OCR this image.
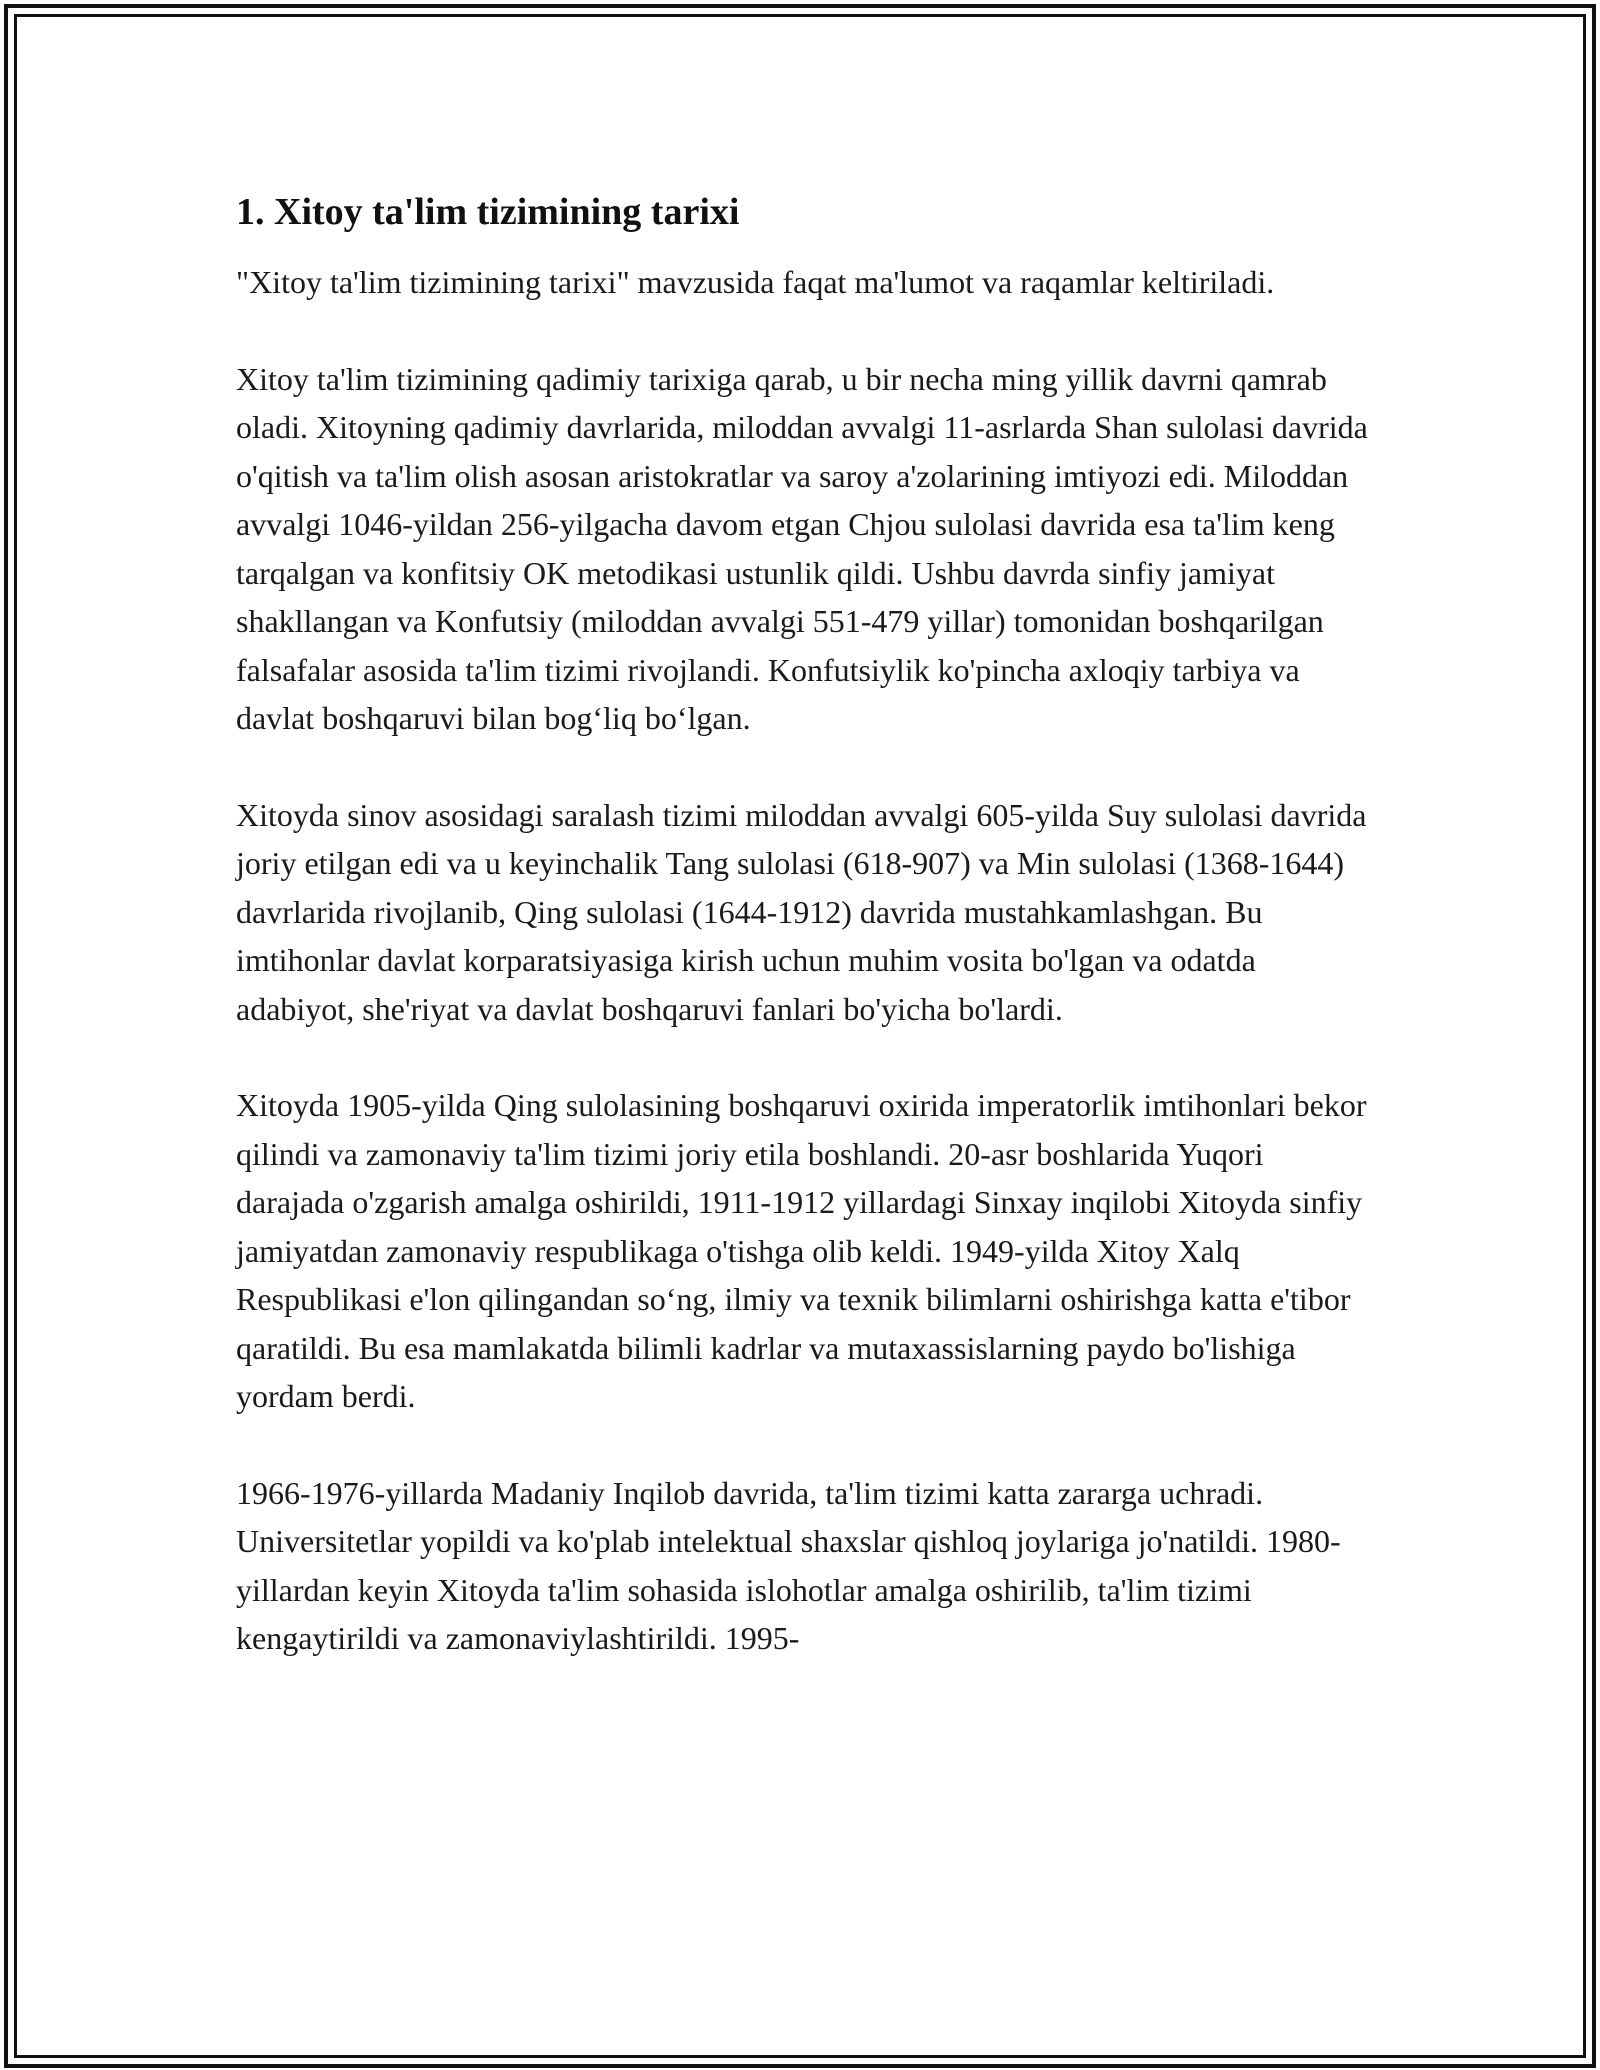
1. Xitoy ta'lim tizimining tarixi

"Xitoy ta'lim tizimining tarixi" mavzusida faqat ma'lumot va raqamlar keltiriladi.

Xitoy ta'lim tizimining qadimiy tarixiga qarab, u bir necha ming yillik davrni qamrab oladi. Xitoyning qadimiy davrlarida, miloddan avvalgi 11-asrlarda Shan sulolasi davrida o'qitish va ta'lim olish asosan aristokratlar va saroy a'zolarining imtiyozi edi. Miloddan avvalgi 1046-yildan 256-yilgacha davom etgan Chjou sulolasi davrida esa ta'lim keng tarqalgan va konfitsiy OK metodikasi ustunlik qildi. Ushbu davrda sinfiy jamiyat shakllangan va Konfutsiy (miloddan avvalgi 551-479 yillar) tomonidan boshqarilgan falsafalar asosida ta'lim tizimi rivojlandi. Konfutsiylik ko'pincha axloqiy tarbiya va davlat boshqaruvi bilan bog‘liq bo‘lgan.

Xitoyda sinov asosidagi saralash tizimi miloddan avvalgi 605-yilda Suy sulolasi davrida joriy etilgan edi va u keyinchalik Tang sulolasi (618-907) va Min sulolasi (1368-1644) davrlarida rivojlanib, Qing sulolasi (1644-1912) davrida mustahkamlashgan. Bu imtihonlar davlat korparatsiyasiga kirish uchun muhim vosita bo'lgan va odatda adabiyot, she'riyat va davlat boshqaruvi fanlari bo'yicha bo'lardi.

Xitoyda 1905-yilda Qing sulolasining boshqaruvi oxirida imperatorlik imtihonlari bekor qilindi va zamonaviy ta'lim tizimi joriy etila boshlandi. 20-asr boshlarida Yuqori darajada o'zgarish amalga oshirildi, 1911-1912 yillardagi Sinxay inqilobi Xitoyda sinfiy jamiyatdan zamonaviy respublikaga o'tishga olib keldi. 1949-yilda Xitoy Xalq Respublikasi e'lon qilingandan so‘ng, ilmiy va texnik bilimlarni oshirishga katta e'tibor qaratildi. Bu esa mamlakatda bilimli kadrlar va mutaxassislarning paydo bo'lishiga yordam berdi.

1966-1976-yillarda Madaniy Inqilob davrida, ta'lim tizimi katta zararga uchradi. Universitetlar yopildi va ko'plab intelektual shaxslar qishloq joylariga jo'natildi. 1980-yillardan keyin Xitoyda ta'lim sohasida islohotlar amalga oshirilib, ta'lim tizimi kengaytirildi va zamonaviylashtirildi. 1995-
